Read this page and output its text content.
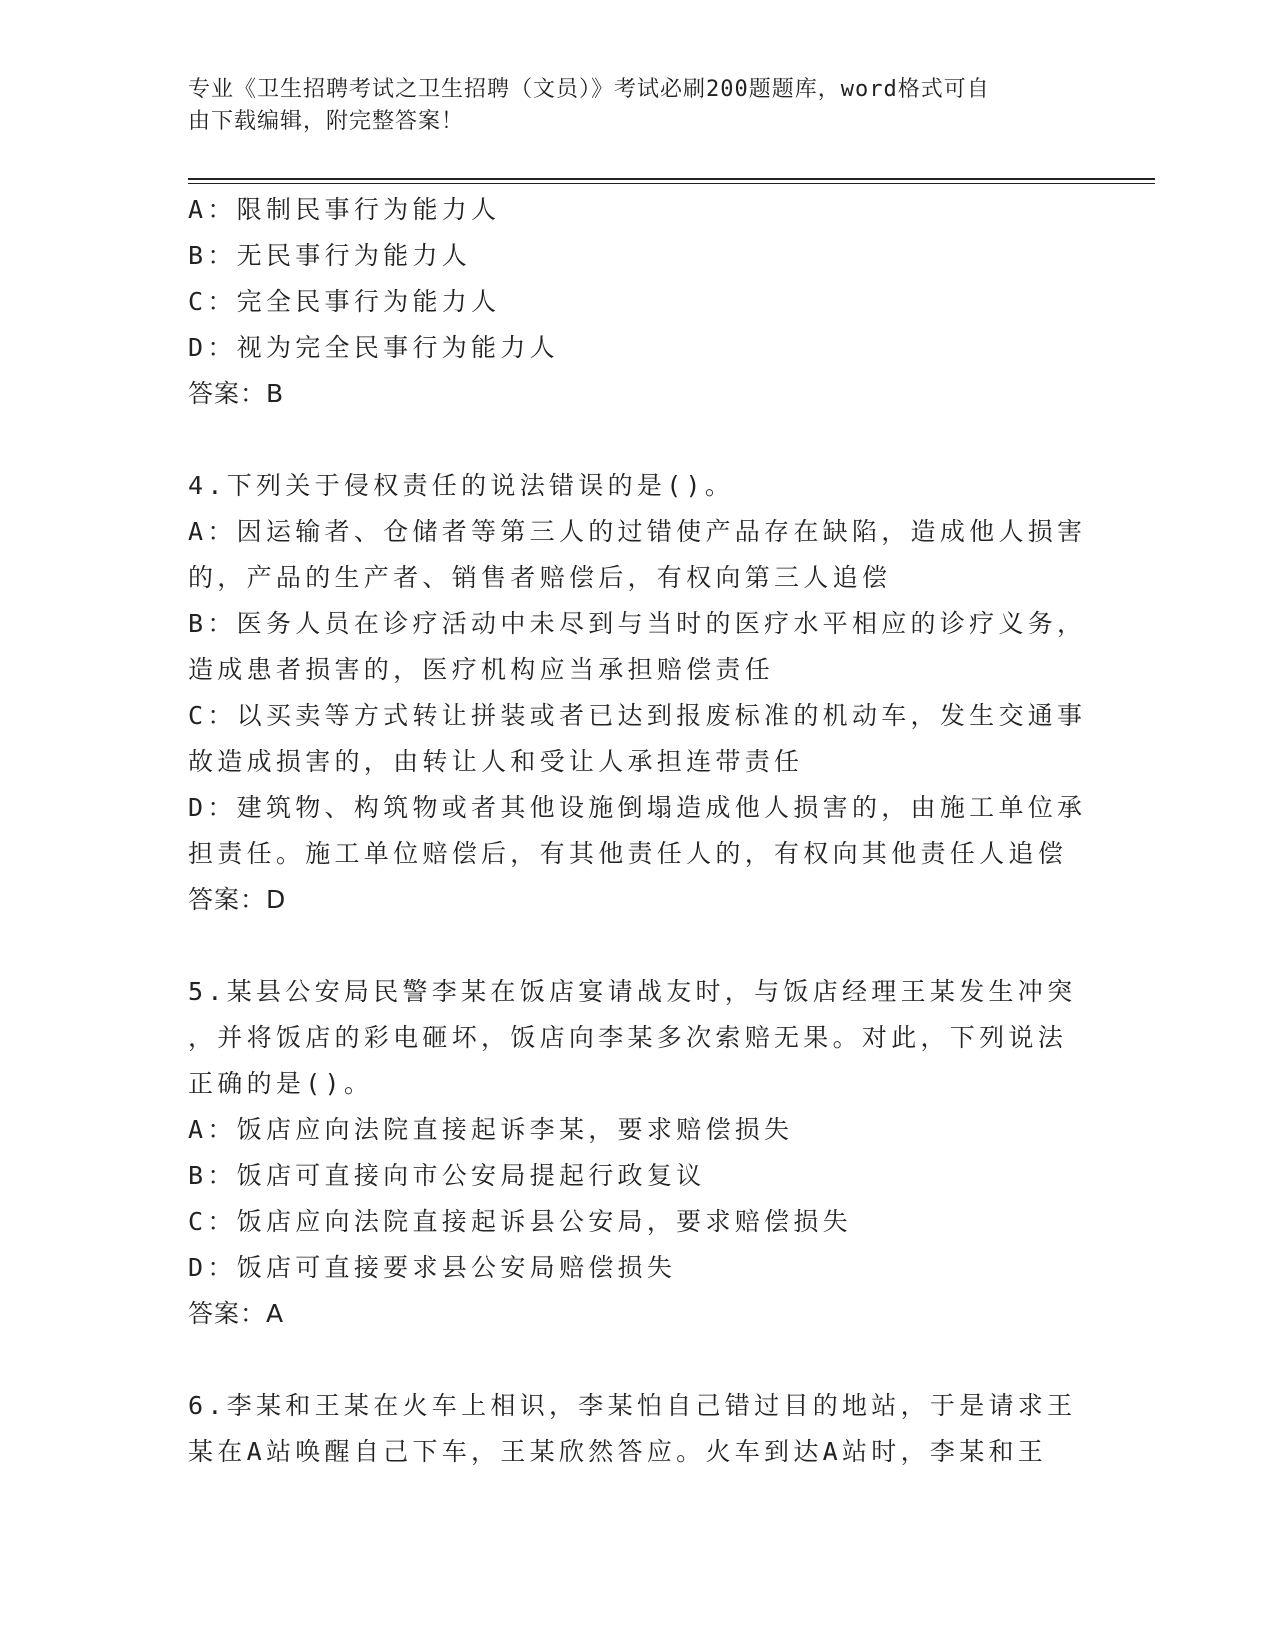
专业《卫生招聘考试之卫生招聘（文员）》考试必刷200题题库，word格式可自
由下载编辑，附完整答案！
A：限制民事行为能力人
B：无民事行为能力人
C：完全民事行为能力人
D：视为完全民事行为能力人
答案：B
4.下列关于侵权责任的说法错误的是()。
A：因运输者、仓储者等第三人的过错使产品存在缺陷，造成他人损害
的，产品的生产者、销售者赔偿后，有权向第三人追偿
B：医务人员在诊疗活动中未尽到与当时的医疗水平相应的诊疗义务，
造成患者损害的，医疗机构应当承担赔偿责任
C：以买卖等方式转让拼装或者已达到报废标准的机动车，发生交通事
故造成损害的，由转让人和受让人承担连带责任
D：建筑物、构筑物或者其他设施倒塌造成他人损害的，由施工单位承
担责任。施工单位赔偿后，有其他责任人的，有权向其他责任人追偿
答案：D
5.某县公安局民警李某在饭店宴请战友时，与饭店经理王某发生冲突
，并将饭店的彩电砸坏，饭店向李某多次索赔无果。对此，下列说法
正确的是()。
A：饭店应向法院直接起诉李某，要求赔偿损失
B：饭店可直接向市公安局提起行政复议
C：饭店应向法院直接起诉县公安局，要求赔偿损失
D：饭店可直接要求县公安局赔偿损失
答案：A
6.李某和王某在火车上相识，李某怕自己错过目的地站，于是请求王
某在A站唤醒自己下车，王某欣然答应。火车到达A站时，李某和王
